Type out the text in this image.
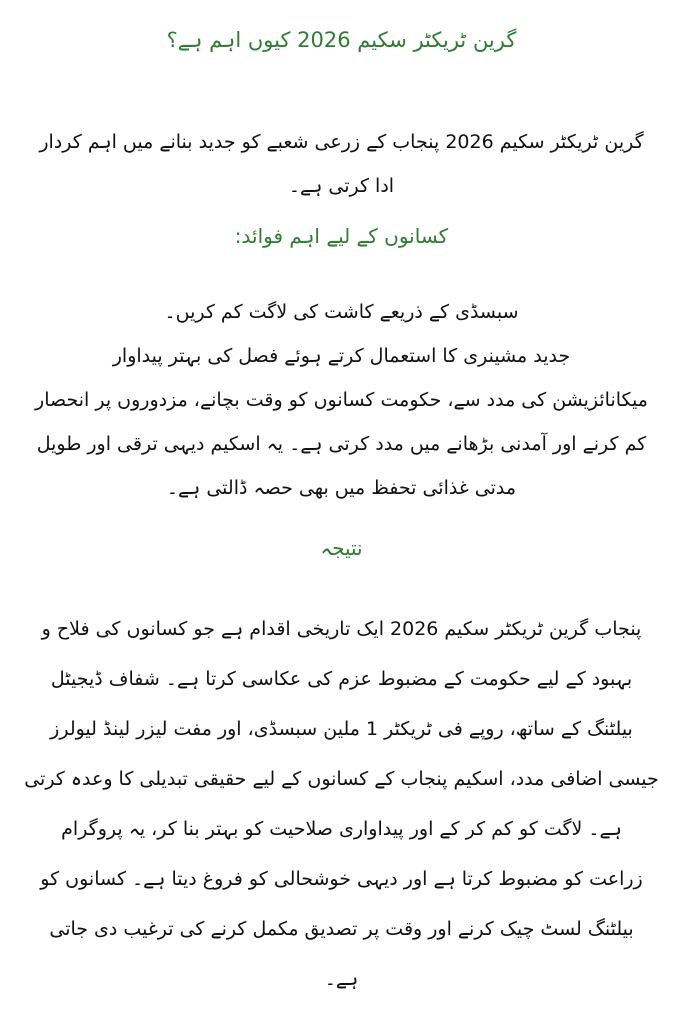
گرین ٹریکٹر سکیم 2026 کیوں اہم ہے؟
گرین ٹریکٹر سکیم 2026 پنجاب کے زرعی شعبے کو جدید بنانے میں اہم کردار
ادا کرتی ہے۔
کسانوں کے لیے اہم فوائد:
سبسڈی کے ذریعے کاشت کی لاگت کم کریں۔
جدید مشینری کا استعمال کرتے ہوئے فصل کی بہتر پیداوار
میکانائزیشن کی مدد سے، حکومت کسانوں کو وقت بچانے، مزدوروں پر انحصار
کم کرنے اور آمدنی بڑھانے میں مدد کرتی ہے۔ یہ اسکیم دیہی ترقی اور طویل
مدتی غذائی تحفظ میں بھی حصہ ڈالتی ہے۔
نتیجہ
پنجاب گرین ٹریکٹر سکیم 2026 ایک تاریخی اقدام ہے جو کسانوں کی فلاح و
بہبود کے لیے حکومت کے مضبوط عزم کی عکاسی کرتا ہے۔ شفاف ڈیجیٹل
بیلٹنگ کے ساتھ، روپے فی ٹریکٹر 1 ملین سبسڈی، اور مفت لیزر لینڈ لیولرز
جیسی اضافی مدد، اسکیم پنجاب کے کسانوں کے لیے حقیقی تبدیلی کا وعدہ کرتی
ہے۔ لاگت کو کم کر کے اور پیداواری صلاحیت کو بہتر بنا کر، یہ پروگرام
زراعت کو مضبوط کرتا ہے اور دیہی خوشحالی کو فروغ دیتا ہے۔ کسانوں کو
بیلٹنگ لسٹ چیک کرنے اور وقت پر تصدیق مکمل کرنے کی ترغیب دی جاتی
ہے۔
